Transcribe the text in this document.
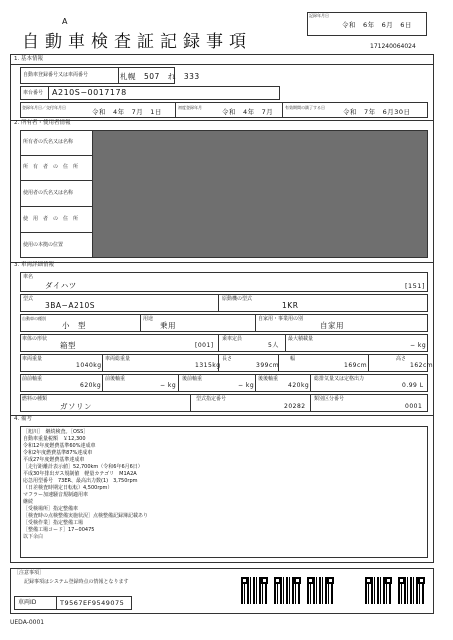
A
自動車検査証記録事項
記録年月日
令和　6年　6月　6日
171240064024
1. 基本情報
自動車登録番号又は車両番号	札幌　507　れ　333
車台番号 A210S−0017178
登録年月日／交付年月日
令和　4年　7月　1日
初度登録年月
令和　4年　7月
有効期間の満了する日
令和　7年　6月30日
2. 所有者・使用者情報
所有者の氏名又は名称
所　有　者　の　住　所
使用者の氏名又は名称
使　用　者　の　住　所
使用の本拠の位置
3. 車両詳細情報
車名
ダイハツ	[151]
型式
3BA−A210S
原動機の型式
1KR
自動車の種別
小　型
用途
乗用
自家用・事業用の別
自家用
車体の形状
箱型	[001]
乗車定員
5人
最大積載量
− kg
車両重量
1040kg
車両総重量
1315kg
長さ
399cm
幅
169cm
高さ
162cm
前前軸重
620kg
前後軸重
− kg
後前軸重
− kg
後後軸重
420kg
総排気量又は定格出力
0.99 L
燃料の種類
ガソリン
型式指定番号
20282
類別区分番号
0001
4. 備考
［旭川］　継続検査。［OSS］
自動車重量税額　￥12,300
令和12年度燃費基準60%達成車
令和2年度燃費基準87%達成車
平成27年度燃費基準達成車
［走行距離計表示値］52,700km（令和6年6月6日）
平成30年排出ガス規制値　軽量カテゴリ　M1A2A
応急用型番号　73ER、最高出力数(1)　3,750rpm
（日差検査時期定日転転）4,500rpm）
マフラー加速騒音規制適用車
継続
［受検場所］指定整備車
［検査時の点検整備実施状況］点検整備記録簿記載あり
［受検作業］指定整備工場
［整備工場コード］17−00475
以下余白
［注意事項］
記録事項はシステム登録時点の情報となります
車両ID	T9567EF9549075
UEDA-0001
